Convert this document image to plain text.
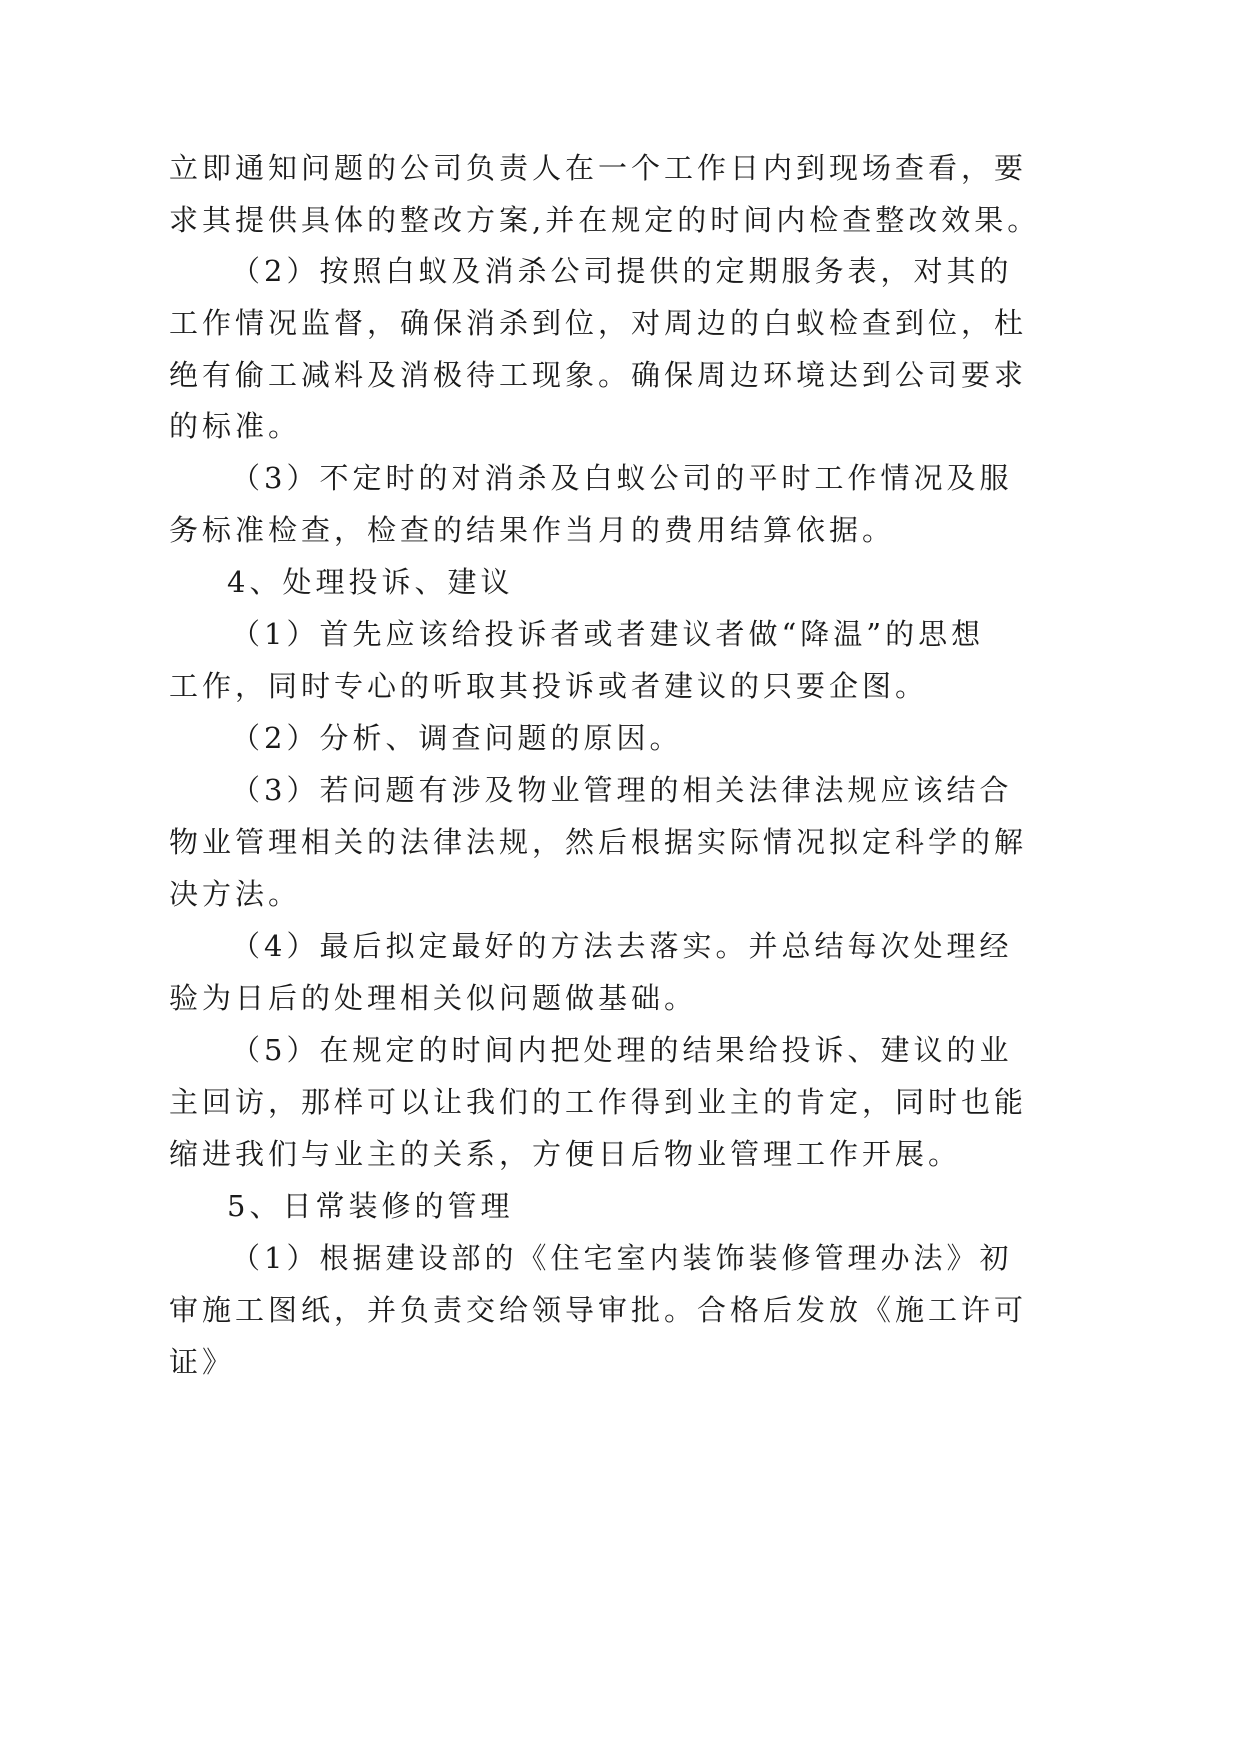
立即通知问题的公司负责人在一个工作日内到现场查看，要
求其提供具体的整改方案,并在规定的时间内检查整改效果。
（2）按照白蚁及消杀公司提供的定期服务表，对其的
工作情况监督，确保消杀到位，对周边的白蚁检查到位，杜
绝有偷工减料及消极待工现象。确保周边环境达到公司要求
的标准。
（3）不定时的对消杀及白蚁公司的平时工作情况及服
务标准检查，检查的结果作当月的费用结算依据。
4、处理投诉、建议
（1）首先应该给投诉者或者建议者做“降温”的思想
工作，同时专心的听取其投诉或者建议的只要企图。
（2）分析、调查问题的原因。
（3）若问题有涉及物业管理的相关法律法规应该结合
物业管理相关的法律法规，然后根据实际情况拟定科学的解
决方法。
（4）最后拟定最好的方法去落实。并总结每次处理经
验为日后的处理相关似问题做基础。
（5）在规定的时间内把处理的结果给投诉、建议的业
主回访，那样可以让我们的工作得到业主的肯定，同时也能
缩进我们与业主的关系，方便日后物业管理工作开展。
5、日常装修的管理
（1）根据建设部的《住宅室内装饰装修管理办法》初
审施工图纸，并负责交给领导审批。合格后发放《施工许可
证》
